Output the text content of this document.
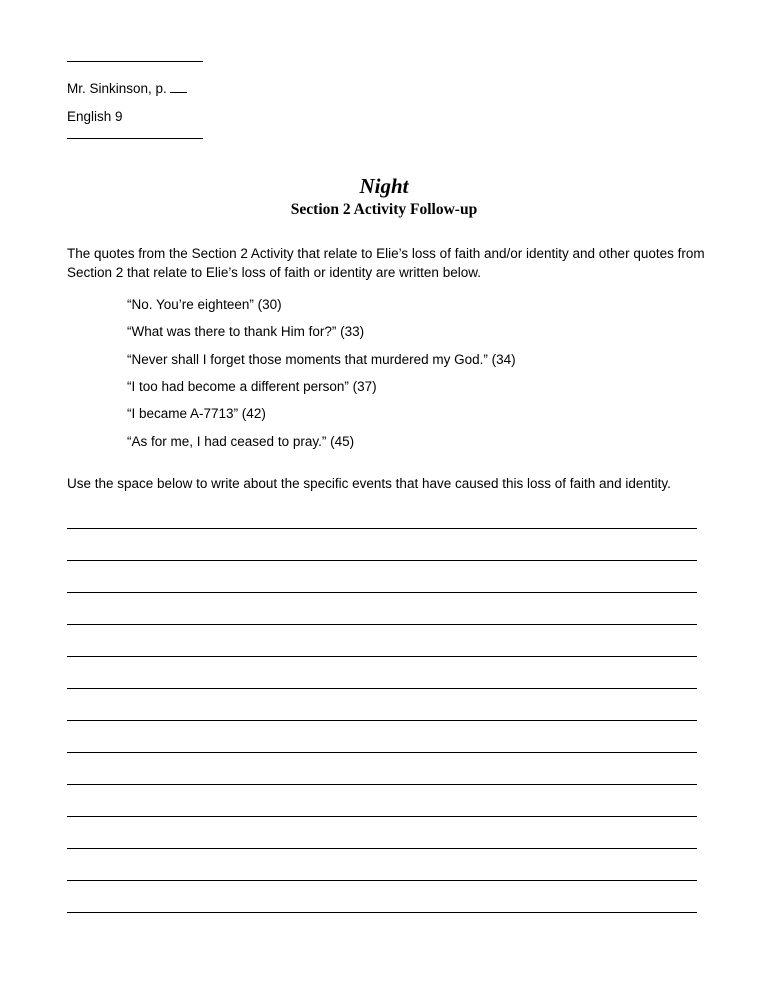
Mr. Sinkinson, p.
English 9
Night
Section 2 Activity Follow-up
The quotes from the Section 2 Activity that relate to Elie’s loss of faith and/or identity and other quotes from Section 2 that relate to Elie’s loss of faith or identity are written below.
“No. You’re eighteen” (30)
“What was there to thank Him for?” (33)
“Never shall I forget those moments that murdered my God.” (34)
“I too had become a different person” (37)
“I became A-7713” (42)
“As for me, I had ceased to pray.” (45)
Use the space below to write about the specific events that have caused this loss of faith and identity.
